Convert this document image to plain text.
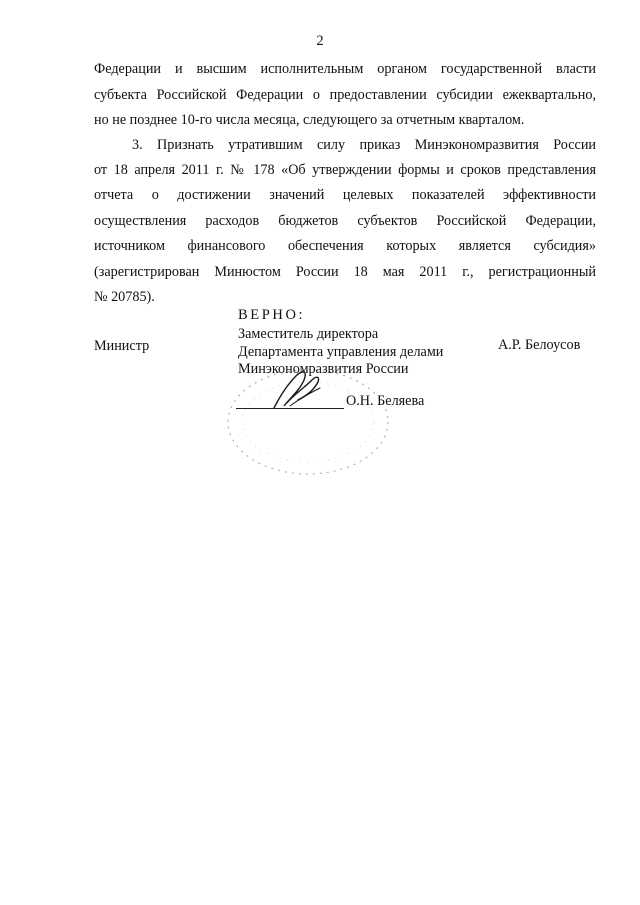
2
Федерации и высшим исполнительным органом государственной власти
субъекта Российской Федерации о предоставлении субсидии ежеквартально,
но не позднее 10-го числа месяца, следующего за отчетным кварталом.
3. Признать утратившим силу приказ Минэкономразвития России
от 18 апреля 2011 г. № 178 «Об утверждении формы и сроков представления
отчета о достижении значений целевых показателей эффективности
осуществления расходов бюджетов субъектов Российской Федерации,
источником финансового обеспечения которых является субсидия»
(зарегистрирован Минюстом России 18 мая 2011 г., регистрационный
№ 20785).
ВЕРНО:
Заместитель директора
Департамента управления делами
Минэкономразвития России
Министр	А.Р. Белоусов
О.Н. Беляева
